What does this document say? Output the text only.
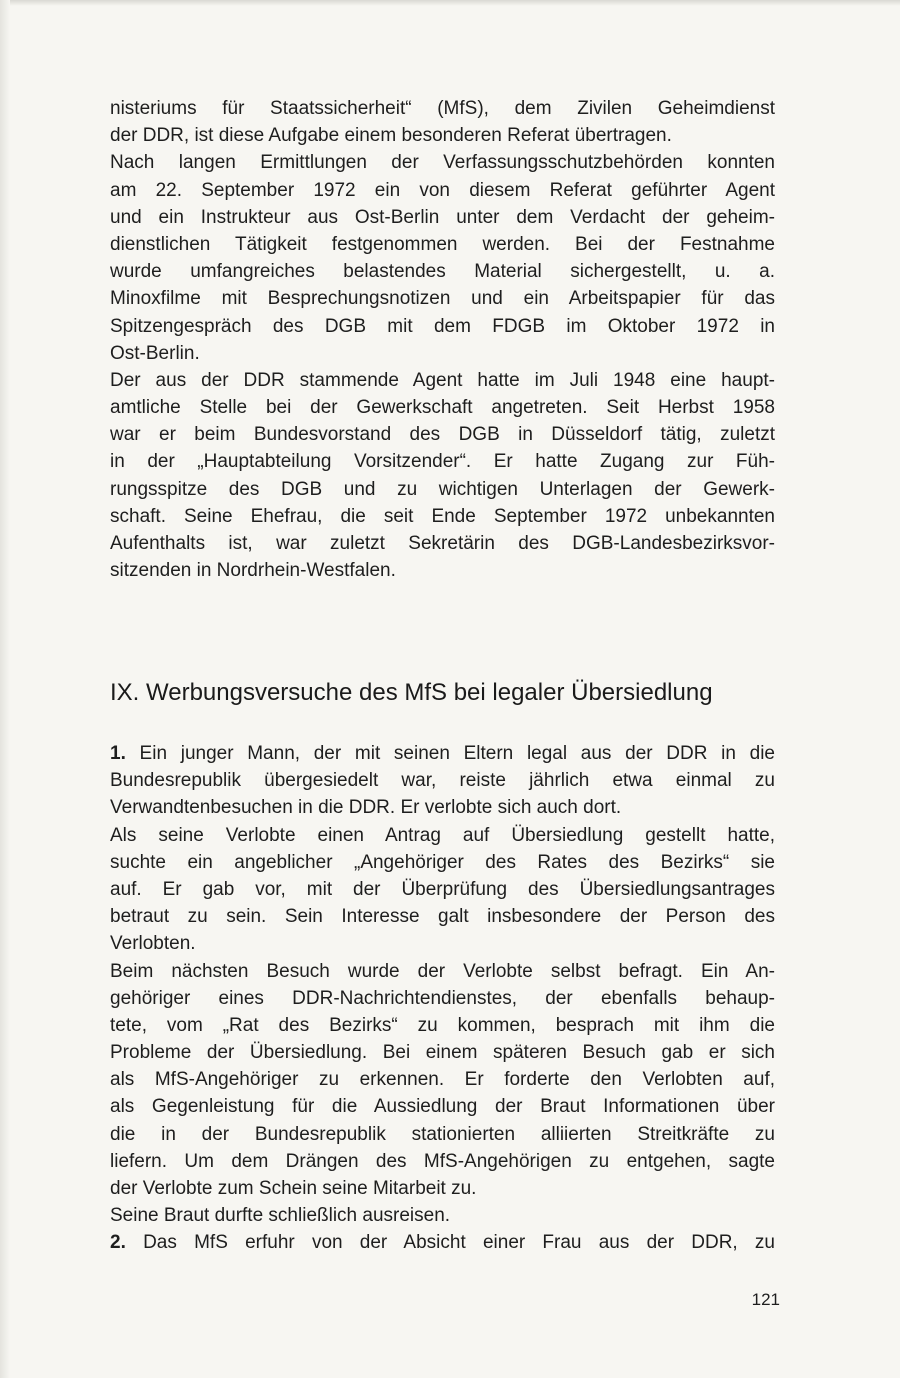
nisteriums für Staatssicherheit“ (MfS), dem Zivilen Geheimdienst
der DDR, ist diese Aufgabe einem besonderen Referat übertragen.
Nach langen Ermittlungen der Verfassungsschutzbehörden konnten
am 22. September 1972 ein von diesem Referat geführter Agent
und ein Instrukteur aus Ost-Berlin unter dem Verdacht der geheim-
dienstlichen Tätigkeit festgenommen werden. Bei der Festnahme
wurde umfangreiches belastendes Material sichergestellt, u. a.
Minoxfilme mit Besprechungsnotizen und ein Arbeitspapier für das
Spitzengespräch des DGB mit dem FDGB im Oktober 1972 in
Ost-Berlin.
Der aus der DDR stammende Agent hatte im Juli 1948 eine haupt-
amtliche Stelle bei der Gewerkschaft angetreten. Seit Herbst 1958
war er beim Bundesvorstand des DGB in Düsseldorf tätig, zuletzt
in der „Hauptabteilung Vorsitzender“. Er hatte Zugang zur Füh-
rungsspitze des DGB und zu wichtigen Unterlagen der Gewerk-
schaft. Seine Ehefrau, die seit Ende September 1972 unbekannten
Aufenthalts ist, war zuletzt Sekretärin des DGB-Landesbezirksvor-
sitzenden in Nordrhein-Westfalen.
IX. Werbungsversuche des MfS bei legaler Übersiedlung
1. Ein junger Mann, der mit seinen Eltern legal aus der DDR in die
Bundesrepublik übergesiedelt war, reiste jährlich etwa einmal zu
Verwandtenbesuchen in die DDR. Er verlobte sich auch dort.
Als seine Verlobte einen Antrag auf Übersiedlung gestellt hatte,
suchte ein angeblicher „Angehöriger des Rates des Bezirks“ sie
auf. Er gab vor, mit der Überprüfung des Übersiedlungsantrages
betraut zu sein. Sein Interesse galt insbesondere der Person des
Verlobten.
Beim nächsten Besuch wurde der Verlobte selbst befragt. Ein An-
gehöriger eines DDR-Nachrichtendienstes, der ebenfalls behaup-
tete, vom „Rat des Bezirks“ zu kommen, besprach mit ihm die
Probleme der Übersiedlung. Bei einem späteren Besuch gab er sich
als MfS-Angehöriger zu erkennen. Er forderte den Verlobten auf,
als Gegenleistung für die Aussiedlung der Braut Informationen über
die in der Bundesrepublik stationierten alliierten Streitkräfte zu
liefern. Um dem Drängen des MfS-Angehörigen zu entgehen, sagte
der Verlobte zum Schein seine Mitarbeit zu.
Seine Braut durfte schließlich ausreisen.
2. Das MfS erfuhr von der Absicht einer Frau aus der DDR, zu
121
